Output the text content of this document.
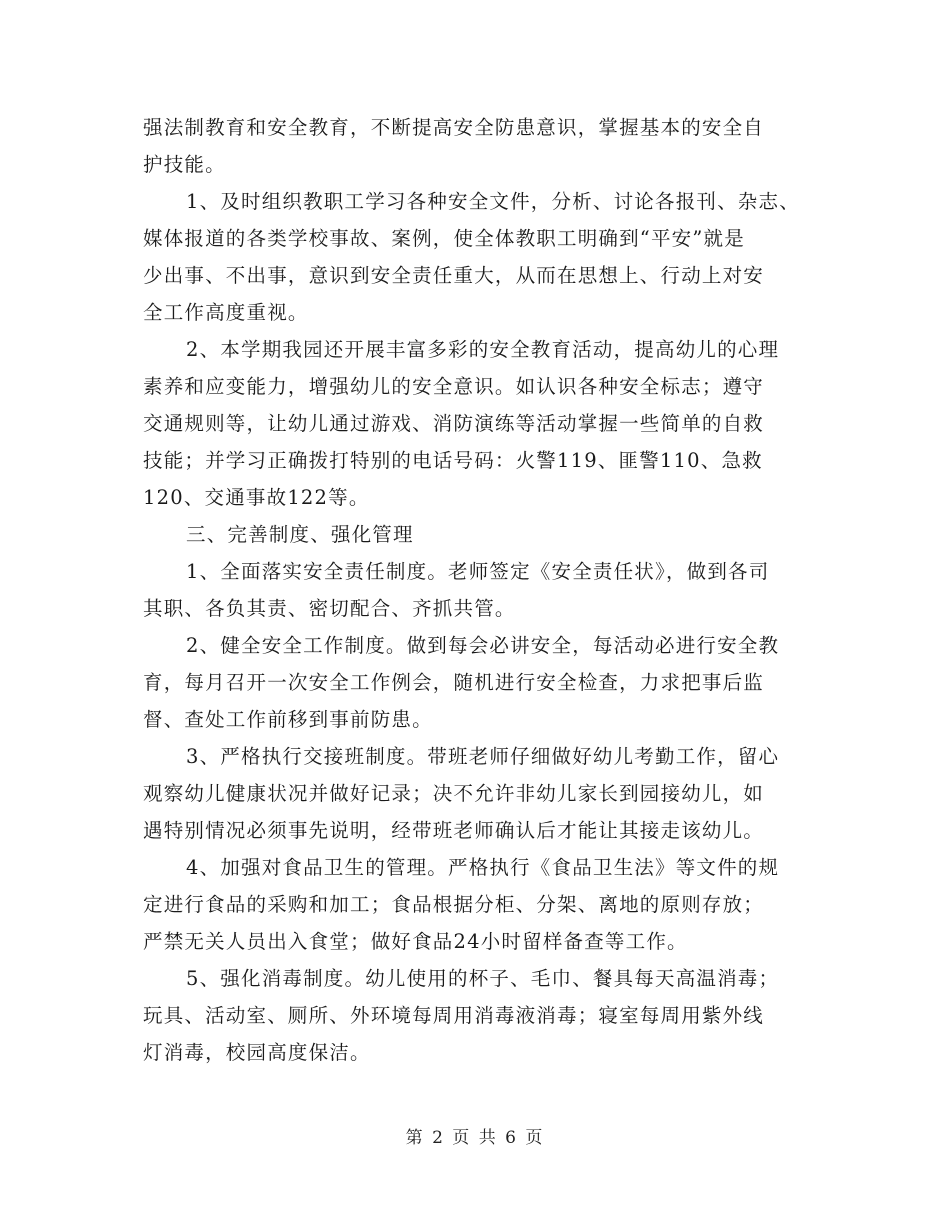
强法制教育和安全教育，不断提高安全防患意识，掌握基本的安全自
护技能。
1、及时组织教职工学习各种安全文件，分析、讨论各报刊、杂志、
媒体报道的各类学校事故、案例，使全体教职工明确到“平安”就是
少出事、不出事，意识到安全责任重大，从而在思想上、行动上对安
全工作高度重视。
2、本学期我园还开展丰富多彩的安全教育活动，提高幼儿的心理
素养和应变能力，增强幼儿的安全意识。如认识各种安全标志；遵守
交通规则等，让幼儿通过游戏、消防演练等活动掌握一些简单的自救
技能；并学习正确拨打特别的电话号码：火警119、匪警110、急救
120、交通事故122等。
三、完善制度、强化管理
1、全面落实安全责任制度。老师签定《安全责任状》，做到各司
其职、各负其责、密切配合、齐抓共管。
2、健全安全工作制度。做到每会必讲安全，每活动必进行安全教
育，每月召开一次安全工作例会，随机进行安全检查，力求把事后监
督、查处工作前移到事前防患。
3、严格执行交接班制度。带班老师仔细做好幼儿考勤工作，留心
观察幼儿健康状况并做好记录；决不允许非幼儿家长到园接幼儿，如
遇特别情况必须事先说明，经带班老师确认后才能让其接走该幼儿。
4、加强对食品卫生的管理。严格执行《食品卫生法》等文件的规
定进行食品的采购和加工；食品根据分柜、分架、离地的原则存放；
严禁无关人员出入食堂；做好食品24小时留样备查等工作。
5、强化消毒制度。幼儿使用的杯子、毛巾、餐具每天高温消毒；
玩具、活动室、厕所、外环境每周用消毒液消毒；寝室每周用紫外线
灯消毒，校园高度保洁。
第 2 页 共 6 页
